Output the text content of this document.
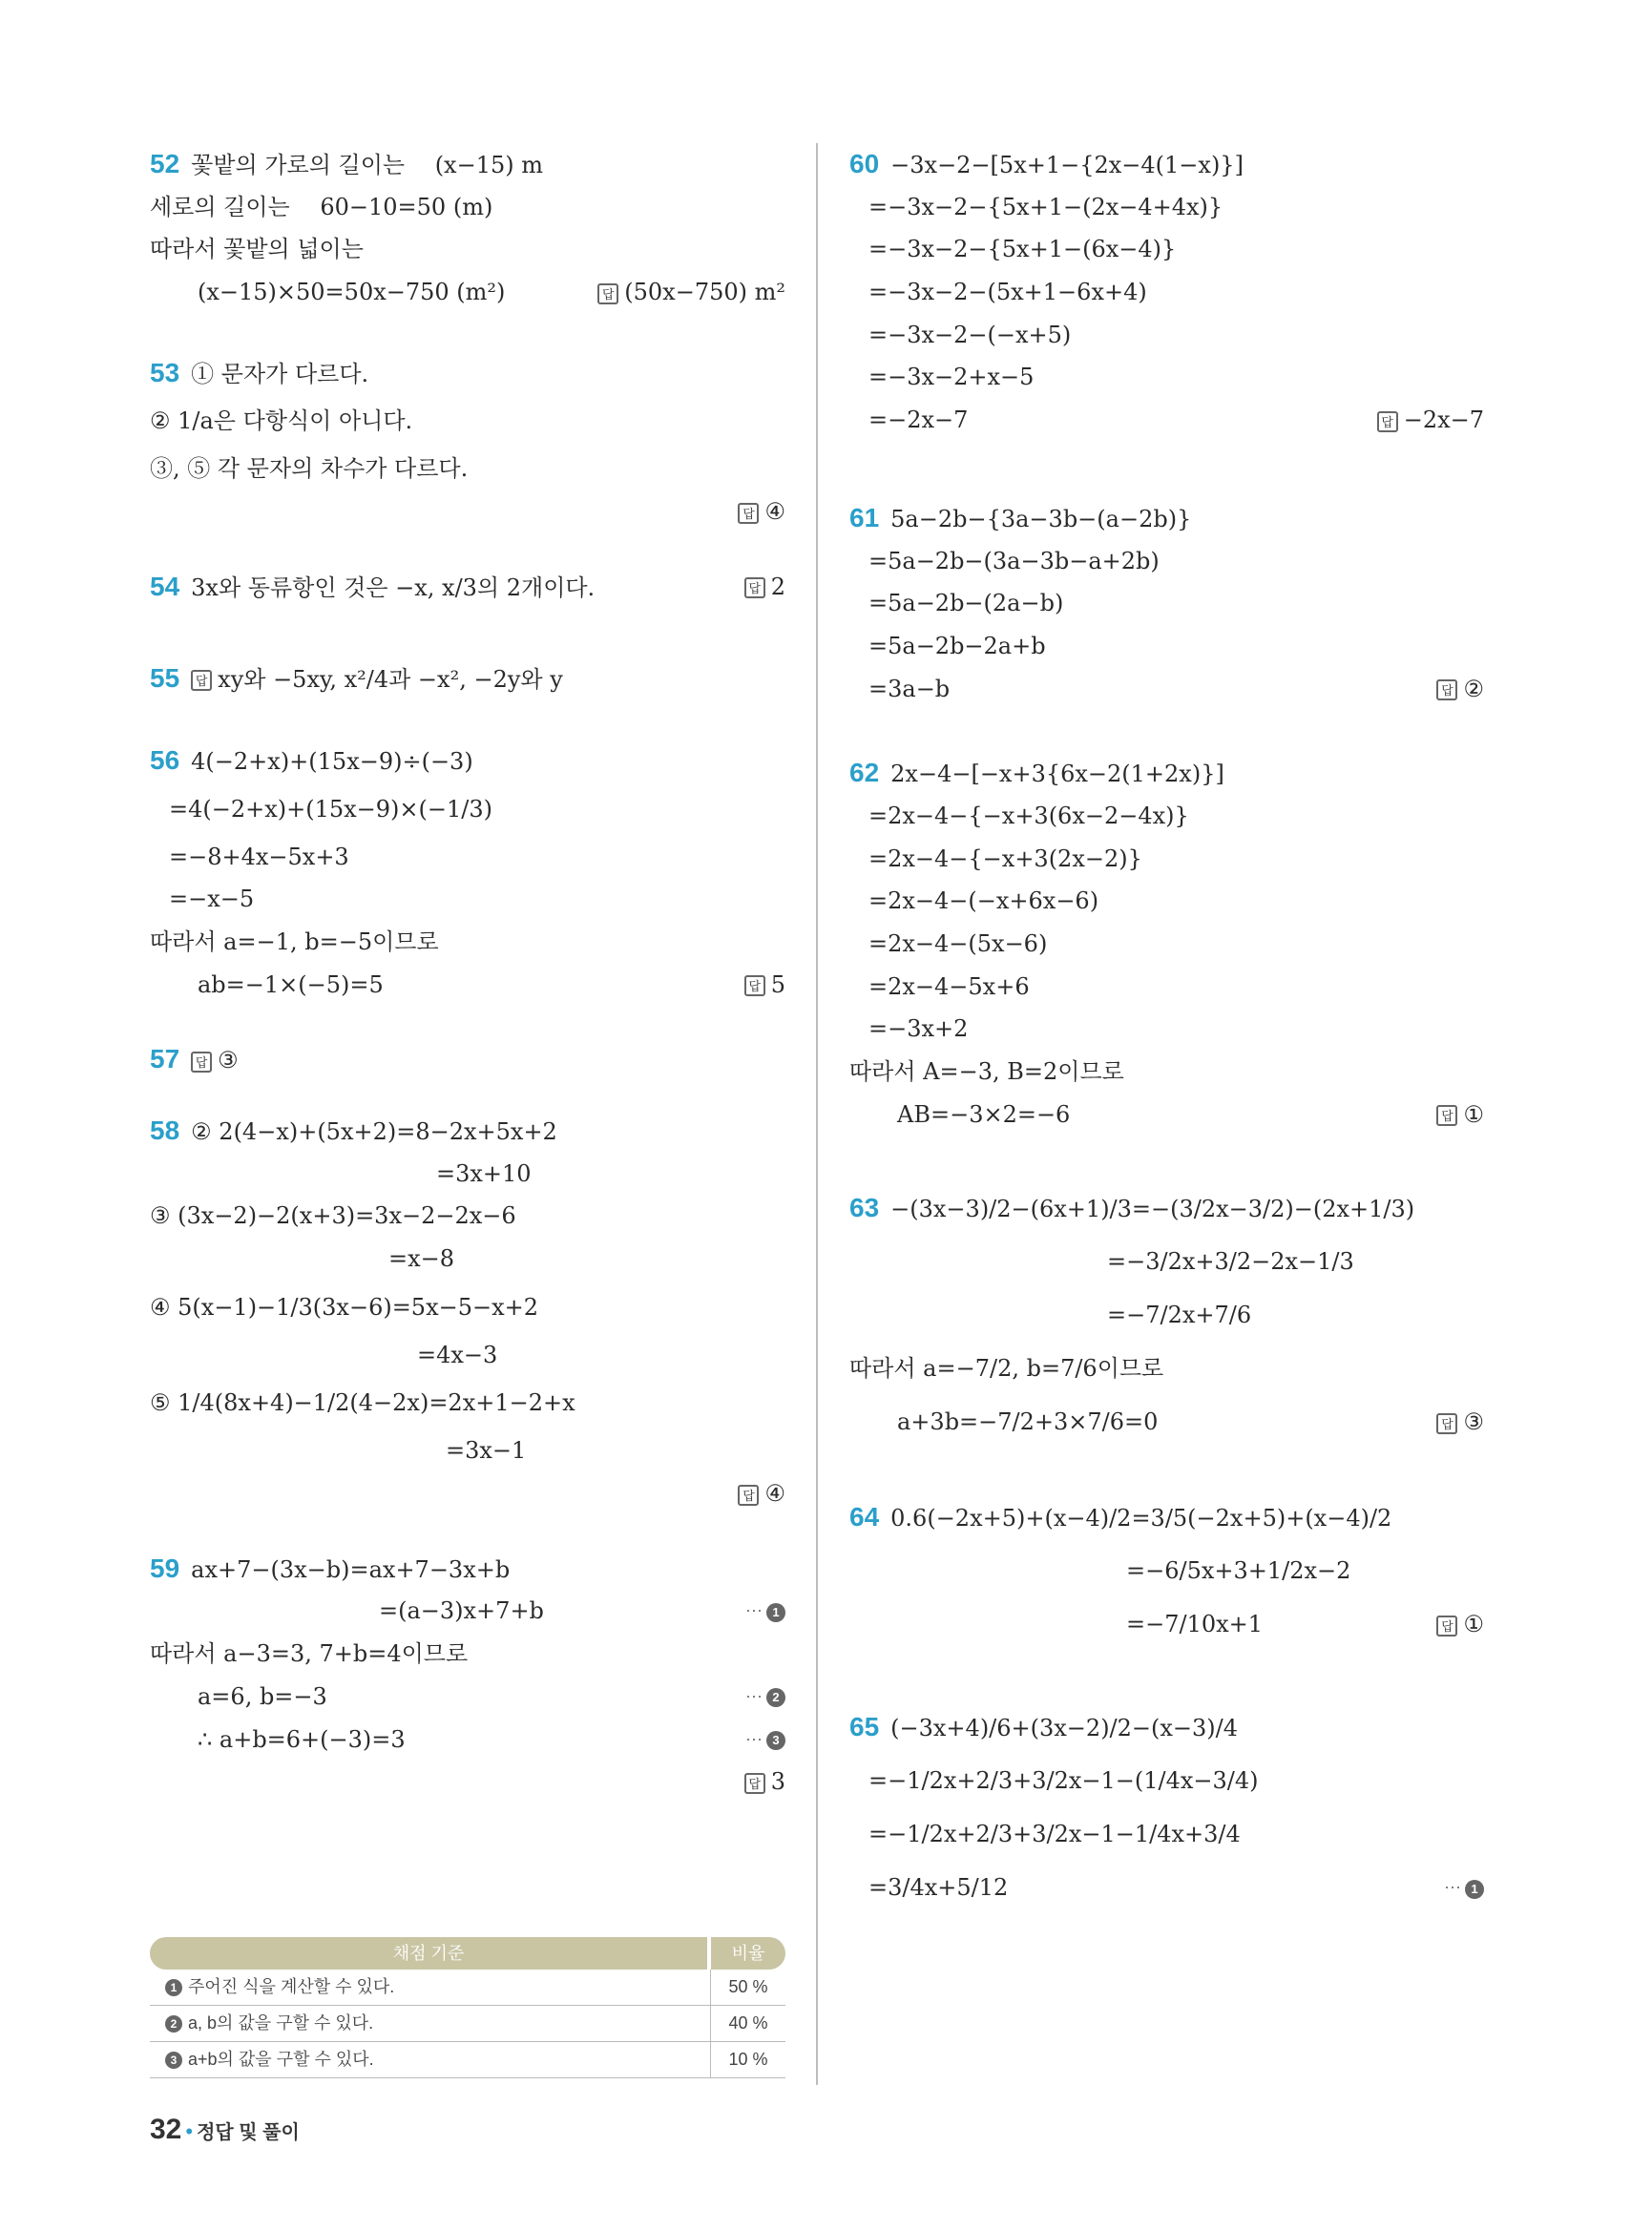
52 꽃밭의 가로의 길이는 　(x−15) m
세로의 길이는 　60−10=50 (m)
따라서 꽃밭의 넓이는
(x−15)×50=50x−750 (m²)	답 (50x−750) m²
53 ① 문자가 다르다.
② 1/a은 다항식이 아니다.
③, ⑤ 각 문자의 차수가 다르다.
답 ④
54 3x와 동류항인 것은 −x, x/3의 2개이다.	답 2
55 답 xy와 −5xy, x²/4과 −x², −2y와 y
56 4(−2+x)+(15x−9)÷(−3)
=4(−2+x)+(15x−9)×(−1/3)
=−8+4x−5x+3
=−x−5
따라서 a=−1, b=−5이므로
ab=−1×(−5)=5	답 5
57 답 ③
58 ② 2(4−x)+(5x+2)=8−2x+5x+2
=3x+10
③ (3x−2)−2(x+3)=3x−2−2x−6
=x−8
④ 5(x−1)−1/3(3x−6)=5x−5−x+2
=4x−3
⑤ 1/4(8x+4)−1/2(4−2x)=2x+1−2+x
=3x−1
답 ④
59 ax+7−(3x−b)=ax+7−3x+b
=(a−3)x+7+b	⋯ 1
따라서 a−3=3, 7+b=4이므로
a=6, b=−3	⋯ 2
∴ a+b=6+(−3)=3	⋯ 3
답 3
60 −3x−2−[5x+1−{2x−4(1−x)}]
=−3x−2−{5x+1−(2x−4+4x)}
=−3x−2−{5x+1−(6x−4)}
=−3x−2−(5x+1−6x+4)
=−3x−2−(−x+5)
=−3x−2+x−5
=−2x−7	답 −2x−7
61 5a−2b−{3a−3b−(a−2b)}
=5a−2b−(3a−3b−a+2b)
=5a−2b−(2a−b)
=5a−2b−2a+b
=3a−b	답 ②
62 2x−4−[−x+3{6x−2(1+2x)}]
=2x−4−{−x+3(6x−2−4x)}
=2x−4−{−x+3(2x−2)}
=2x−4−(−x+6x−6)
=2x−4−(5x−6)
=2x−4−5x+6
=−3x+2
따라서 A=−3, B=2이므로
AB=−3×2=−6	답 ①
63 −(3x−3)/2−(6x+1)/3=−(3/2x−3/2)−(2x+1/3)
=−3/2x+3/2−2x−1/3
=−7/2x+7/6
따라서 a=−7/2, b=7/6이므로
a+3b=−7/2+3×7/6=0	답 ③
64 0.6(−2x+5)+(x−4)/2=3/5(−2x+5)+(x−4)/2
=−6/5x+3+1/2x−2
=−7/10x+1	답 ①
65 (−3x+4)/6+(3x−2)/2−(x−3)/4
=−1/2x+2/3+3/2x−1−(1/4x−3/4)
=−1/2x+2/3+3/2x−1−1/4x+3/4
=3/4x+5/12	⋯ 1
채점 기준	비율
1 주어진 식을 계산할 수 있다.	50 %
2 a, b의 값을 구할 수 있다.	40 %
3 a+b의 값을 구할 수 있다.	10 %
32 • 정답 및 풀이
